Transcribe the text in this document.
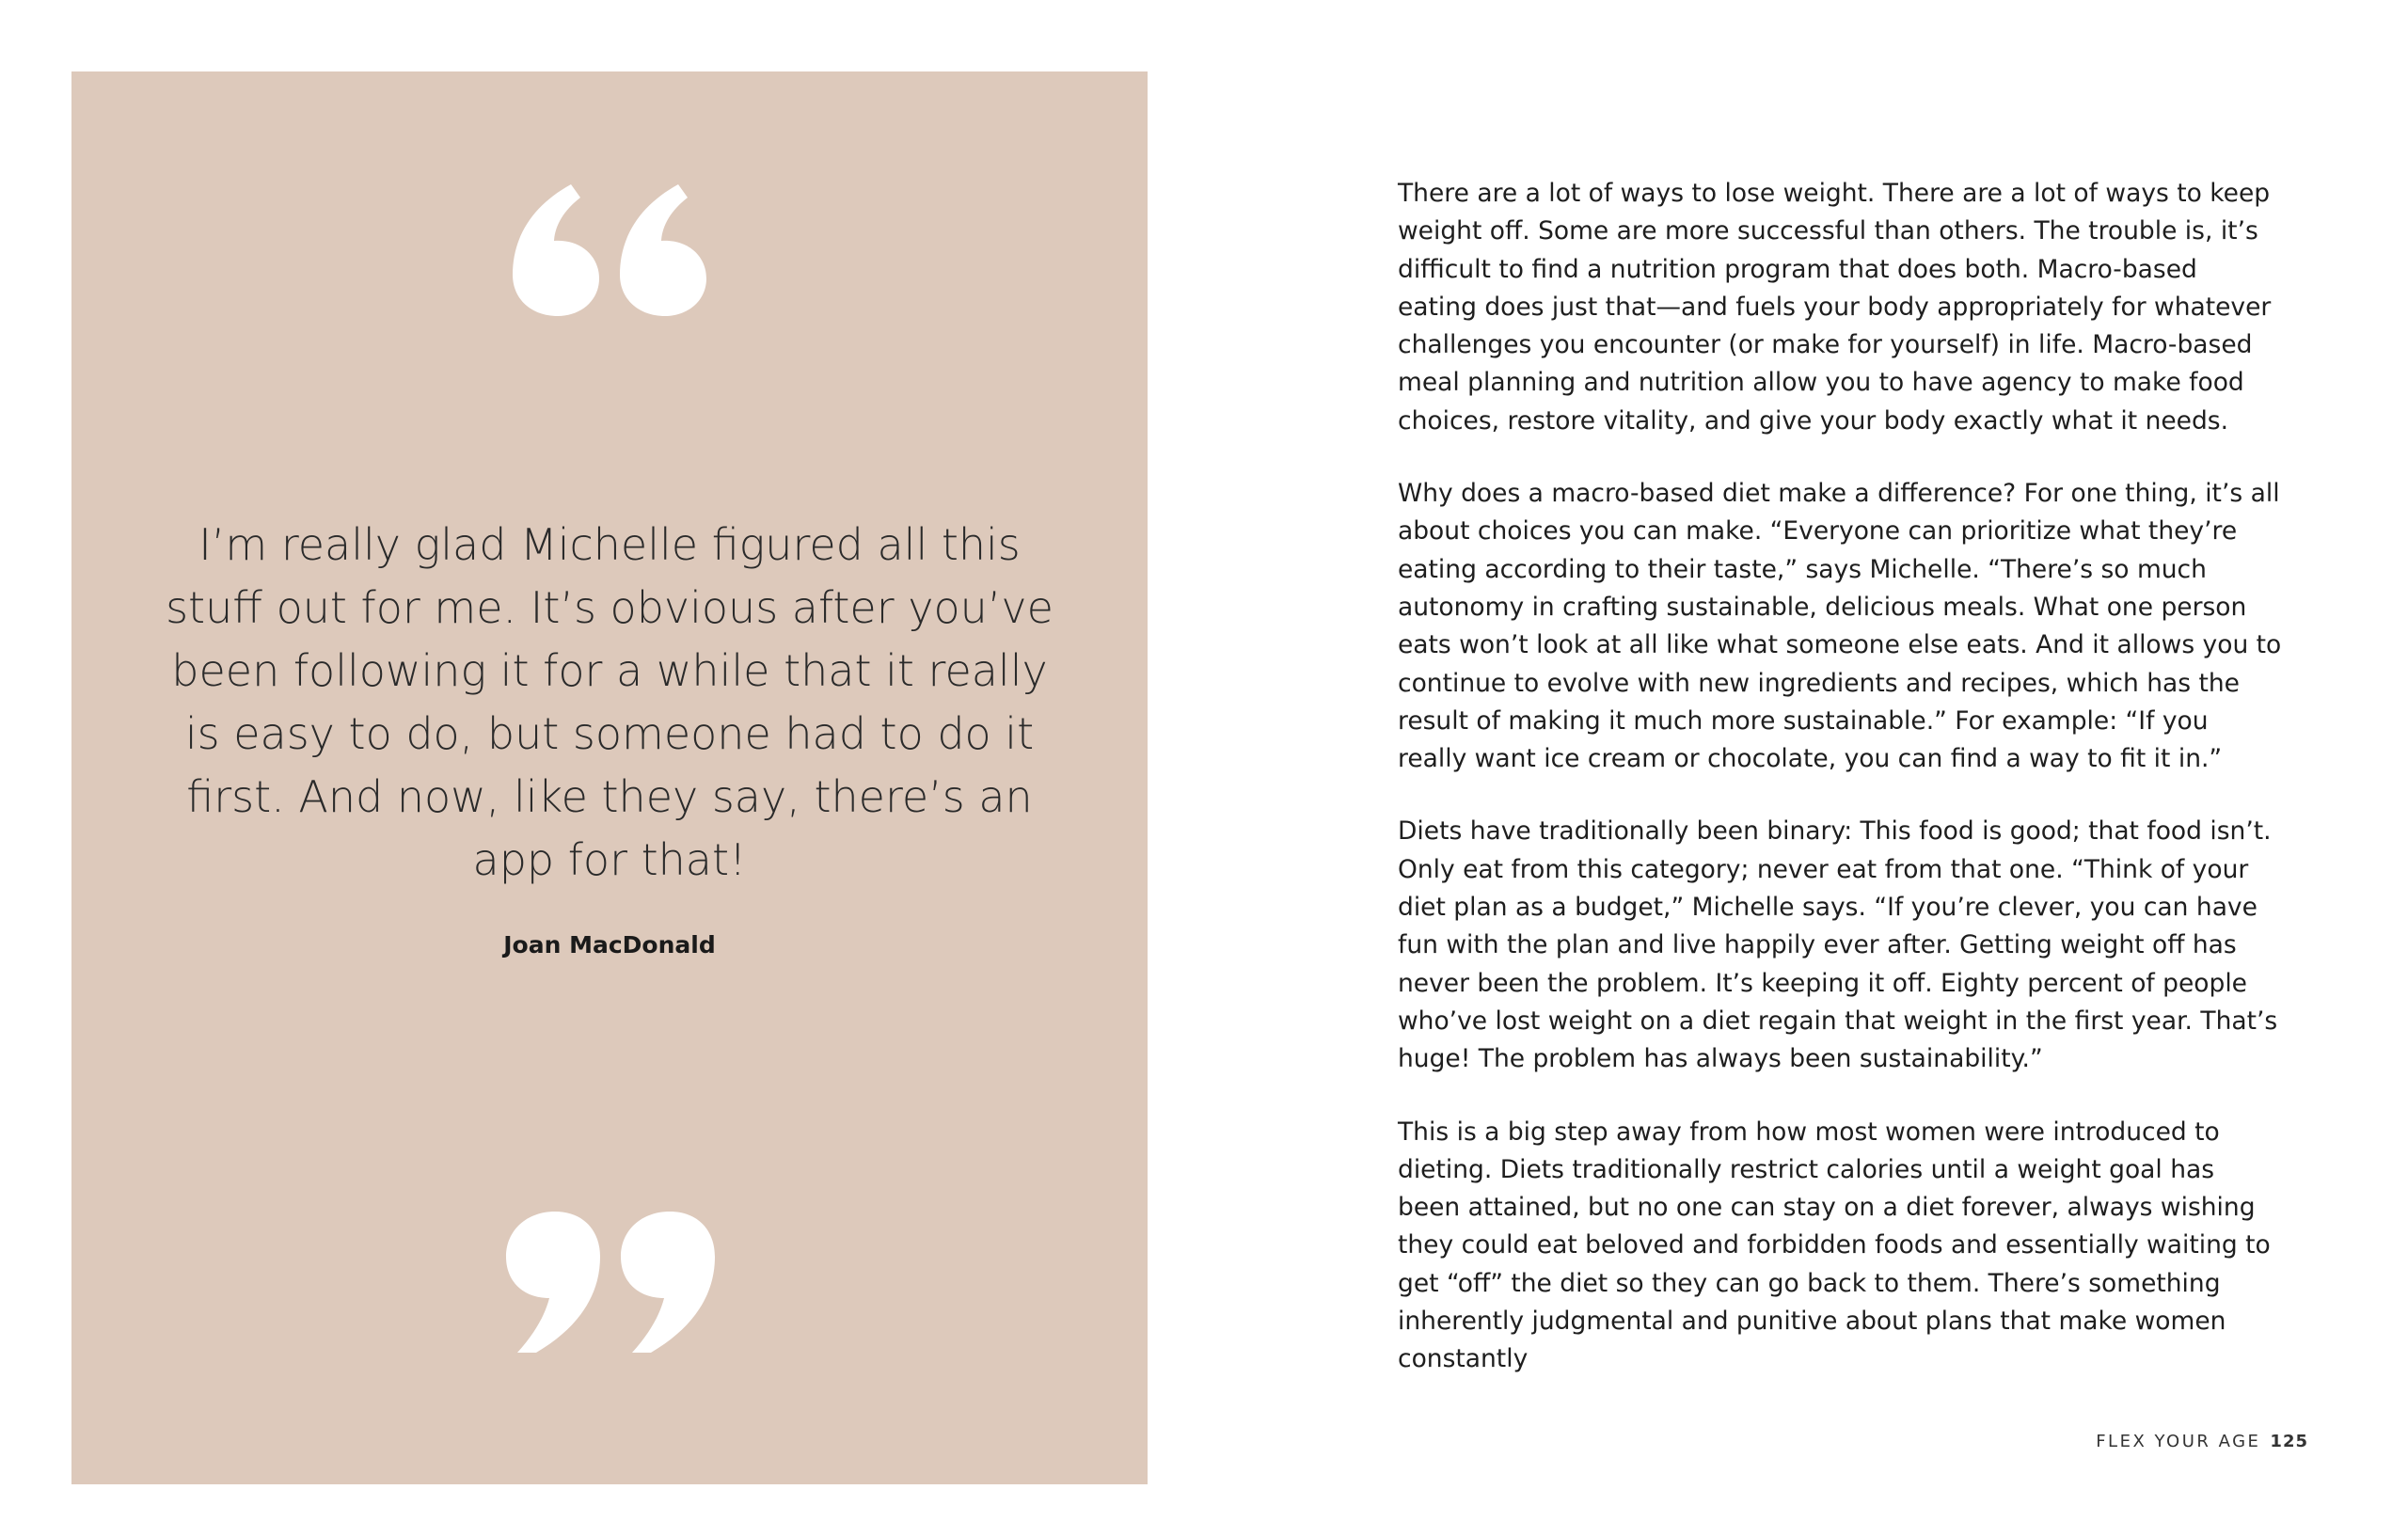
I’m really glad Michelle figured all this stuff out for me. It’s obvious after you’ve been following it for a while that it really is easy to do, but someone had to do it first. And now, like they say, there’s an app for that!

Joan MacDonald

There are a lot of ways to lose weight. There are a lot of ways to keep weight off. Some are more successful than others. The trouble is, it’s difficult to find a nutrition program that does both. Macro-based eating does just that—and fuels your body appropriately for whatever challenges you encounter (or make for yourself) in life. Macro-based meal planning and nutrition allow you to have agency to make food choices, restore vitality, and give your body exactly what it needs.

Why does a macro-based diet make a difference? For one thing, it’s all about choices you can make. “Everyone can prioritize what they’re eating according to their taste,” says Michelle. “There’s so much autonomy in crafting sustainable, delicious meals. What one person eats won’t look at all like what someone else eats. And it allows you to continue to evolve with new ingredients and recipes, which has the result of making it much more sustainable.” For example: “If you really want ice cream or chocolate, you can find a way to fit it in.”

Diets have traditionally been binary: This food is good; that food isn’t. Only eat from this category; never eat from that one. “Think of your diet plan as a budget,” Michelle says. “If you’re clever, you can have fun with the plan and live happily ever after. Getting weight off has never been the problem. It’s keeping it off. Eighty percent of people who’ve lost weight on a diet regain that weight in the first year. That’s huge! The problem has always been sustainability.”

This is a big step away from how most women were introduced to dieting. Diets traditionally restrict calories until a weight goal has been attained, but no one can stay on a diet forever, always wishing they could eat beloved and forbidden foods and essentially waiting to get “off” the diet so they can go back to them. There’s something inherently judgmental and punitive about plans that make women constantly

FLEX YOUR AGE 125
